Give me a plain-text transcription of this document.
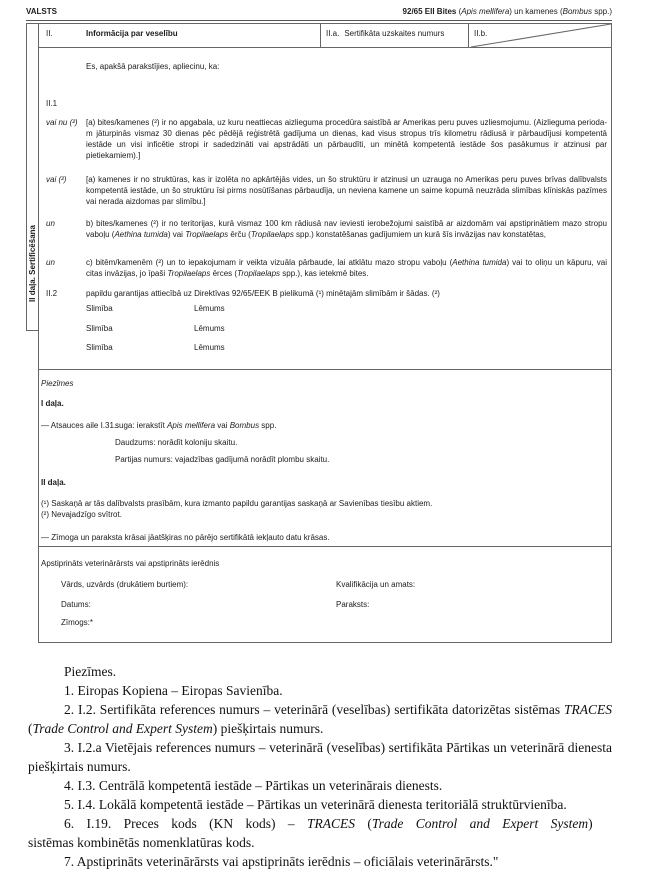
VALSTS	92/65 EII Bites (Apis mellifera) un kamenes (Bombus spp.)
II daļa. Sertificēšana
II.	Informācija par veselību	II.a. Sertifikāta uzskaites numurs	II.b.

Es, apakšā parakstījies, apliecinu, ka:

II.1
vai nu (²)	[a) bites/kamenes (²) ir no apgabala, uz kuru neattiecas aizlieguma procedūra saistībā ar Amerikas peru puves uzliesmojumu. (Aizlieguma periodam jāturpinās vismaz 30 dienas pēc pēdējā reģistrētā gadījuma un dienas, kad visus stropus trīs kilometru rādiusā ir pārbaudījusi kompetentā iestāde un visi inficētie stropi ir sadedzināti vai apstrādāti un pārbaudīti, un minētā kompetentā iestāde šos pasākumus ir atzinusi par pietiekamiem).]
vai (²)	[a) kamenes ir no struktūras, kas ir izolēta no apkārtējās vides, un šo struktūru ir atzinusi un uzrauga no Amerikas peru puves brīvas dalībvalsts kompetentā iestāde, un šo struktūru īsi pirms nosūtīšanas pārbaudīja, un neviena kamene un saime kopumā neuzrāda slimības klīniskās pazīmes vai nerada aizdomas par slimību.]
un	b) bites/kamenes (²) ir no teritorijas, kurā vismaz 100 km rādiusā nav ieviesti ierobežojumi saistībā ar aizdomām vai apstiprinātiem mazo stropu vaboļu (Aethina tumida) vai Tropilaelaps ērču (Tropilaelaps spp.) konstatēšanas gadījumiem un kurā šīs invāzijas nav konstatētas,
un	c) bitēm/kamenēm (²) un to iepakojumam ir veikta vizuāla pārbaude, lai atklātu mazo stropu vaboļu (Aethina tumida) vai to oliņu un kāpuru, vai citas invāzijas, jo īpaši Tropilaelaps ērces (Tropilaelaps spp.), kas ietekmē bites.
II.2	papildu garantijas attiecībā uz Direktīvas 92/65/EEK B pielikumā (¹) minētajām slimībām ir šādas. (²)
Slimība	Lēmums
Slimība	Lēmums
Slimība	Lēmums
Piezīmes
I daļa.
— Atsauces aile I.31.:
suga: ierakstīt Apis mellifera vai Bombus spp.
Daudzums: norādīt koloniju skaitu.
Partijas numurs: vajadzības gadījumā norādīt plombu skaitu.
II daļa.
(¹) Saskaņā ar tās dalībvalsts prasībām, kura izmanto papildu garantijas saskaņā ar Savienības tiesību aktiem.
(²) Nevajadzīgo svītrot.
— Zīmoga un paraksta krāsai jāatšķiras no pārējo sertifikātā iekļauto datu krāsas.
Apstiprināts veterinārārsts vai apstiprināts ierēdnis
Vārds, uzvārds (drukātiem burtiem):	Kvalifikācija un amats:
Datums:	Paraksts:
Zīmogs:*

Piezīmes.

1. Eiropas Kopiena – Eiropas Savienība.

2. I.2. Sertifikāta references numurs – veterinārā (veselības) sertifikāta datorizētas sistēmas TRACES (Trade Control and Expert System) piešķirtais numurs.

3. I.2.a Vietējais references numurs – veterinārā (veselības) sertifikāta Pārtikas un veterinārā dienesta piešķirtais numurs.

4. I.3. Centrālā kompetentā iestāde – Pārtikas un veterinārais dienests.

5. I.4. Lokālā kompetentā iestāde – Pārtikas un veterinārā dienesta teritoriālā struktūrvienība.

6. I.19. Preces kods (KN kods) – TRACES (Trade Control and Expert System)
sistēmas kombinētās nomenklatūras kods.

7. Apstiprināts veterinārārsts vai apstiprināts ierēdnis – oficiālais veterinārārsts."
